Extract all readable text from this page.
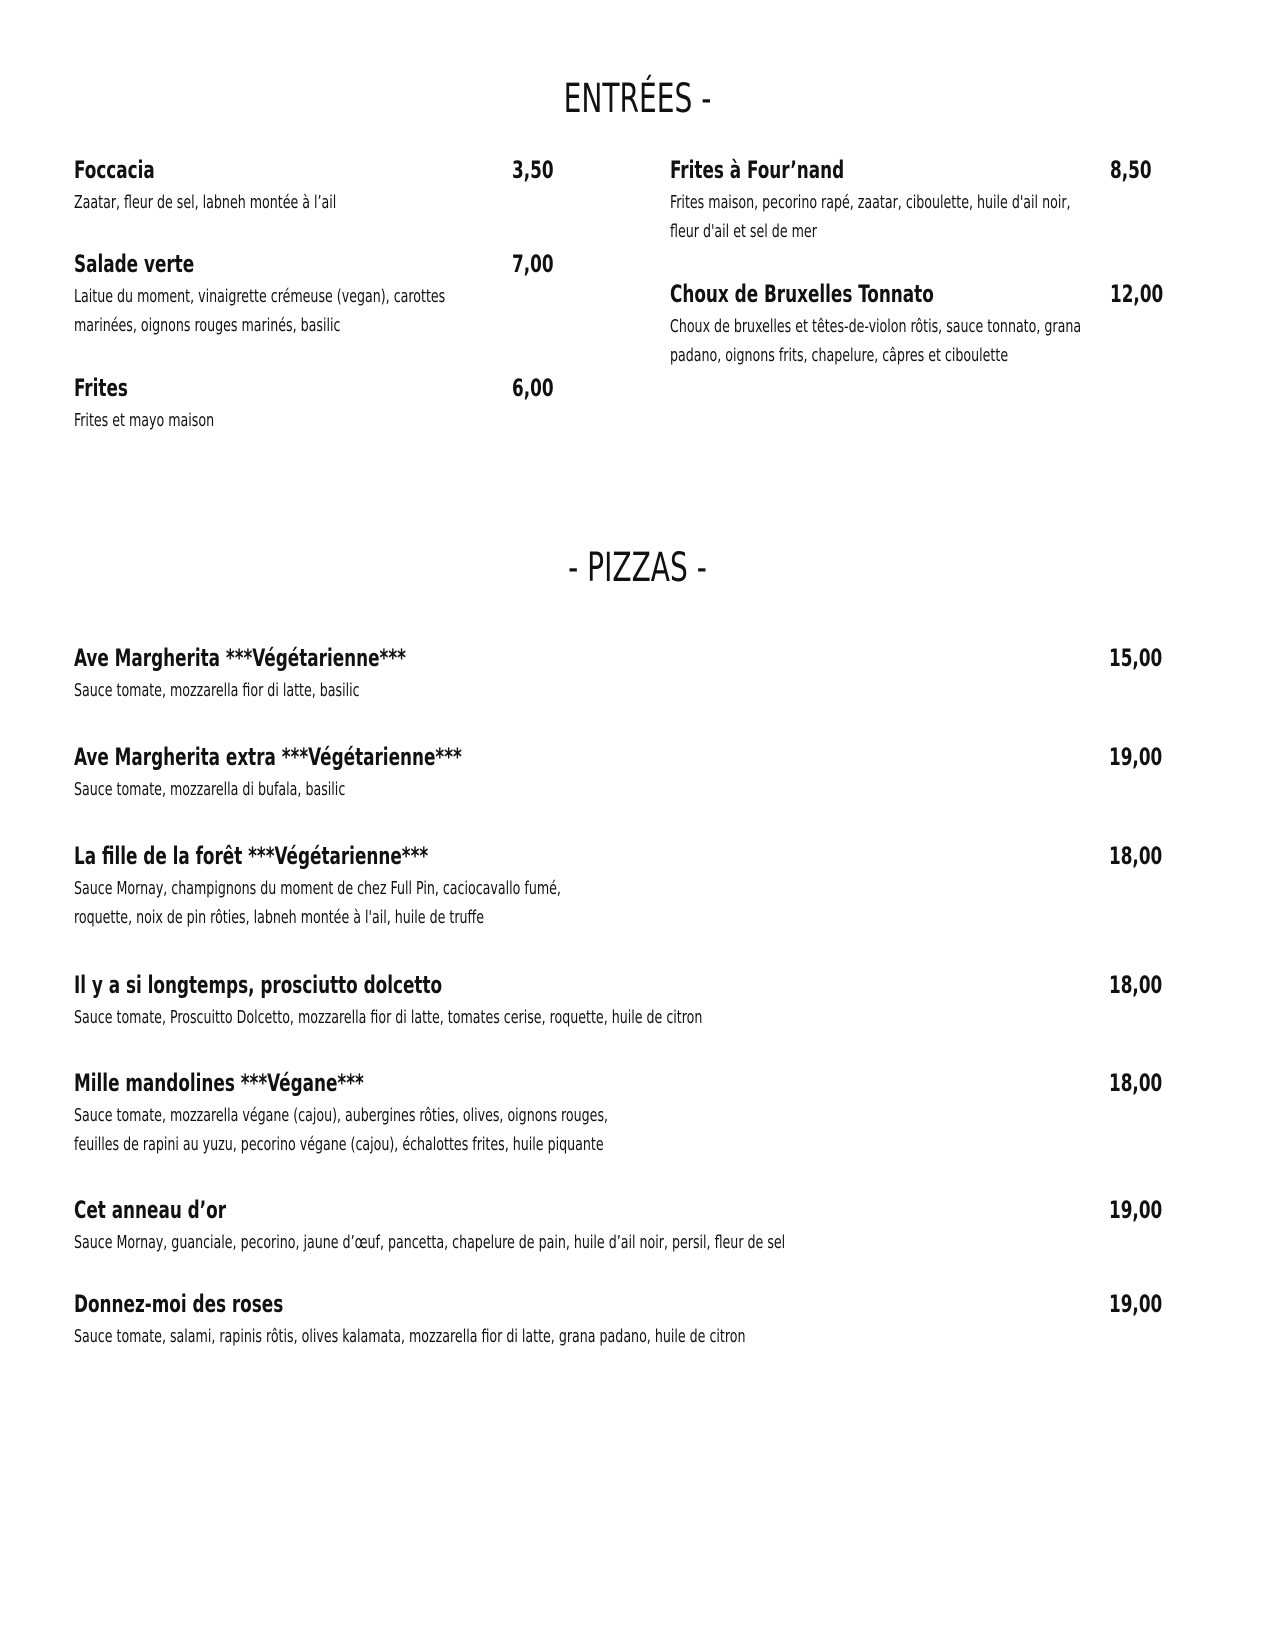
ENTRÉES -
Foccacia	3,50
Zaatar, fleur de sel, labneh montée à l’ail
Salade verte	7,00
Laitue du moment, vinaigrette crémeuse (vegan), carottes
marinées, oignons rouges marinés, basilic
Frites	6,00
Frites et mayo maison
Frites à Four’nand	8,50
Frites maison, pecorino rapé, zaatar, ciboulette, huile d'ail noir,
fleur d'ail et sel de mer
Choux de Bruxelles Tonnato	12,00
Choux de bruxelles et têtes-de-violon rôtis, sauce tonnato, grana
padano, oignons frits, chapelure, câpres et ciboulette
- PIZZAS -
Ave Margherita ***Végétarienne***	15,00
Sauce tomate, mozzarella fior di latte, basilic
Ave Margherita extra ***Végétarienne***	19,00
Sauce tomate, mozzarella di bufala, basilic
La fille de la forêt ***Végétarienne***	18,00
Sauce Mornay, champignons du moment de chez Full Pin, caciocavallo fumé,
roquette, noix de pin rôties, labneh montée à l'ail, huile de truffe
Il y a si longtemps, prosciutto dolcetto	18,00
Sauce tomate, Proscuitto Dolcetto, mozzarella fior di latte, tomates cerise, roquette, huile de citron
Mille mandolines ***Végane***	18,00
Sauce tomate, mozzarella végane (cajou), aubergines rôties, olives, oignons rouges,
feuilles de rapini au yuzu, pecorino végane (cajou), échalottes frites, huile piquante
Cet anneau d’or	19,00
Sauce Mornay, guanciale, pecorino, jaune d’œuf, pancetta, chapelure de pain, huile d’ail noir, persil, fleur de sel
Donnez-moi des roses	19,00
Sauce tomate, salami, rapinis rôtis, olives kalamata, mozzarella fior di latte, grana padano, huile de citron
